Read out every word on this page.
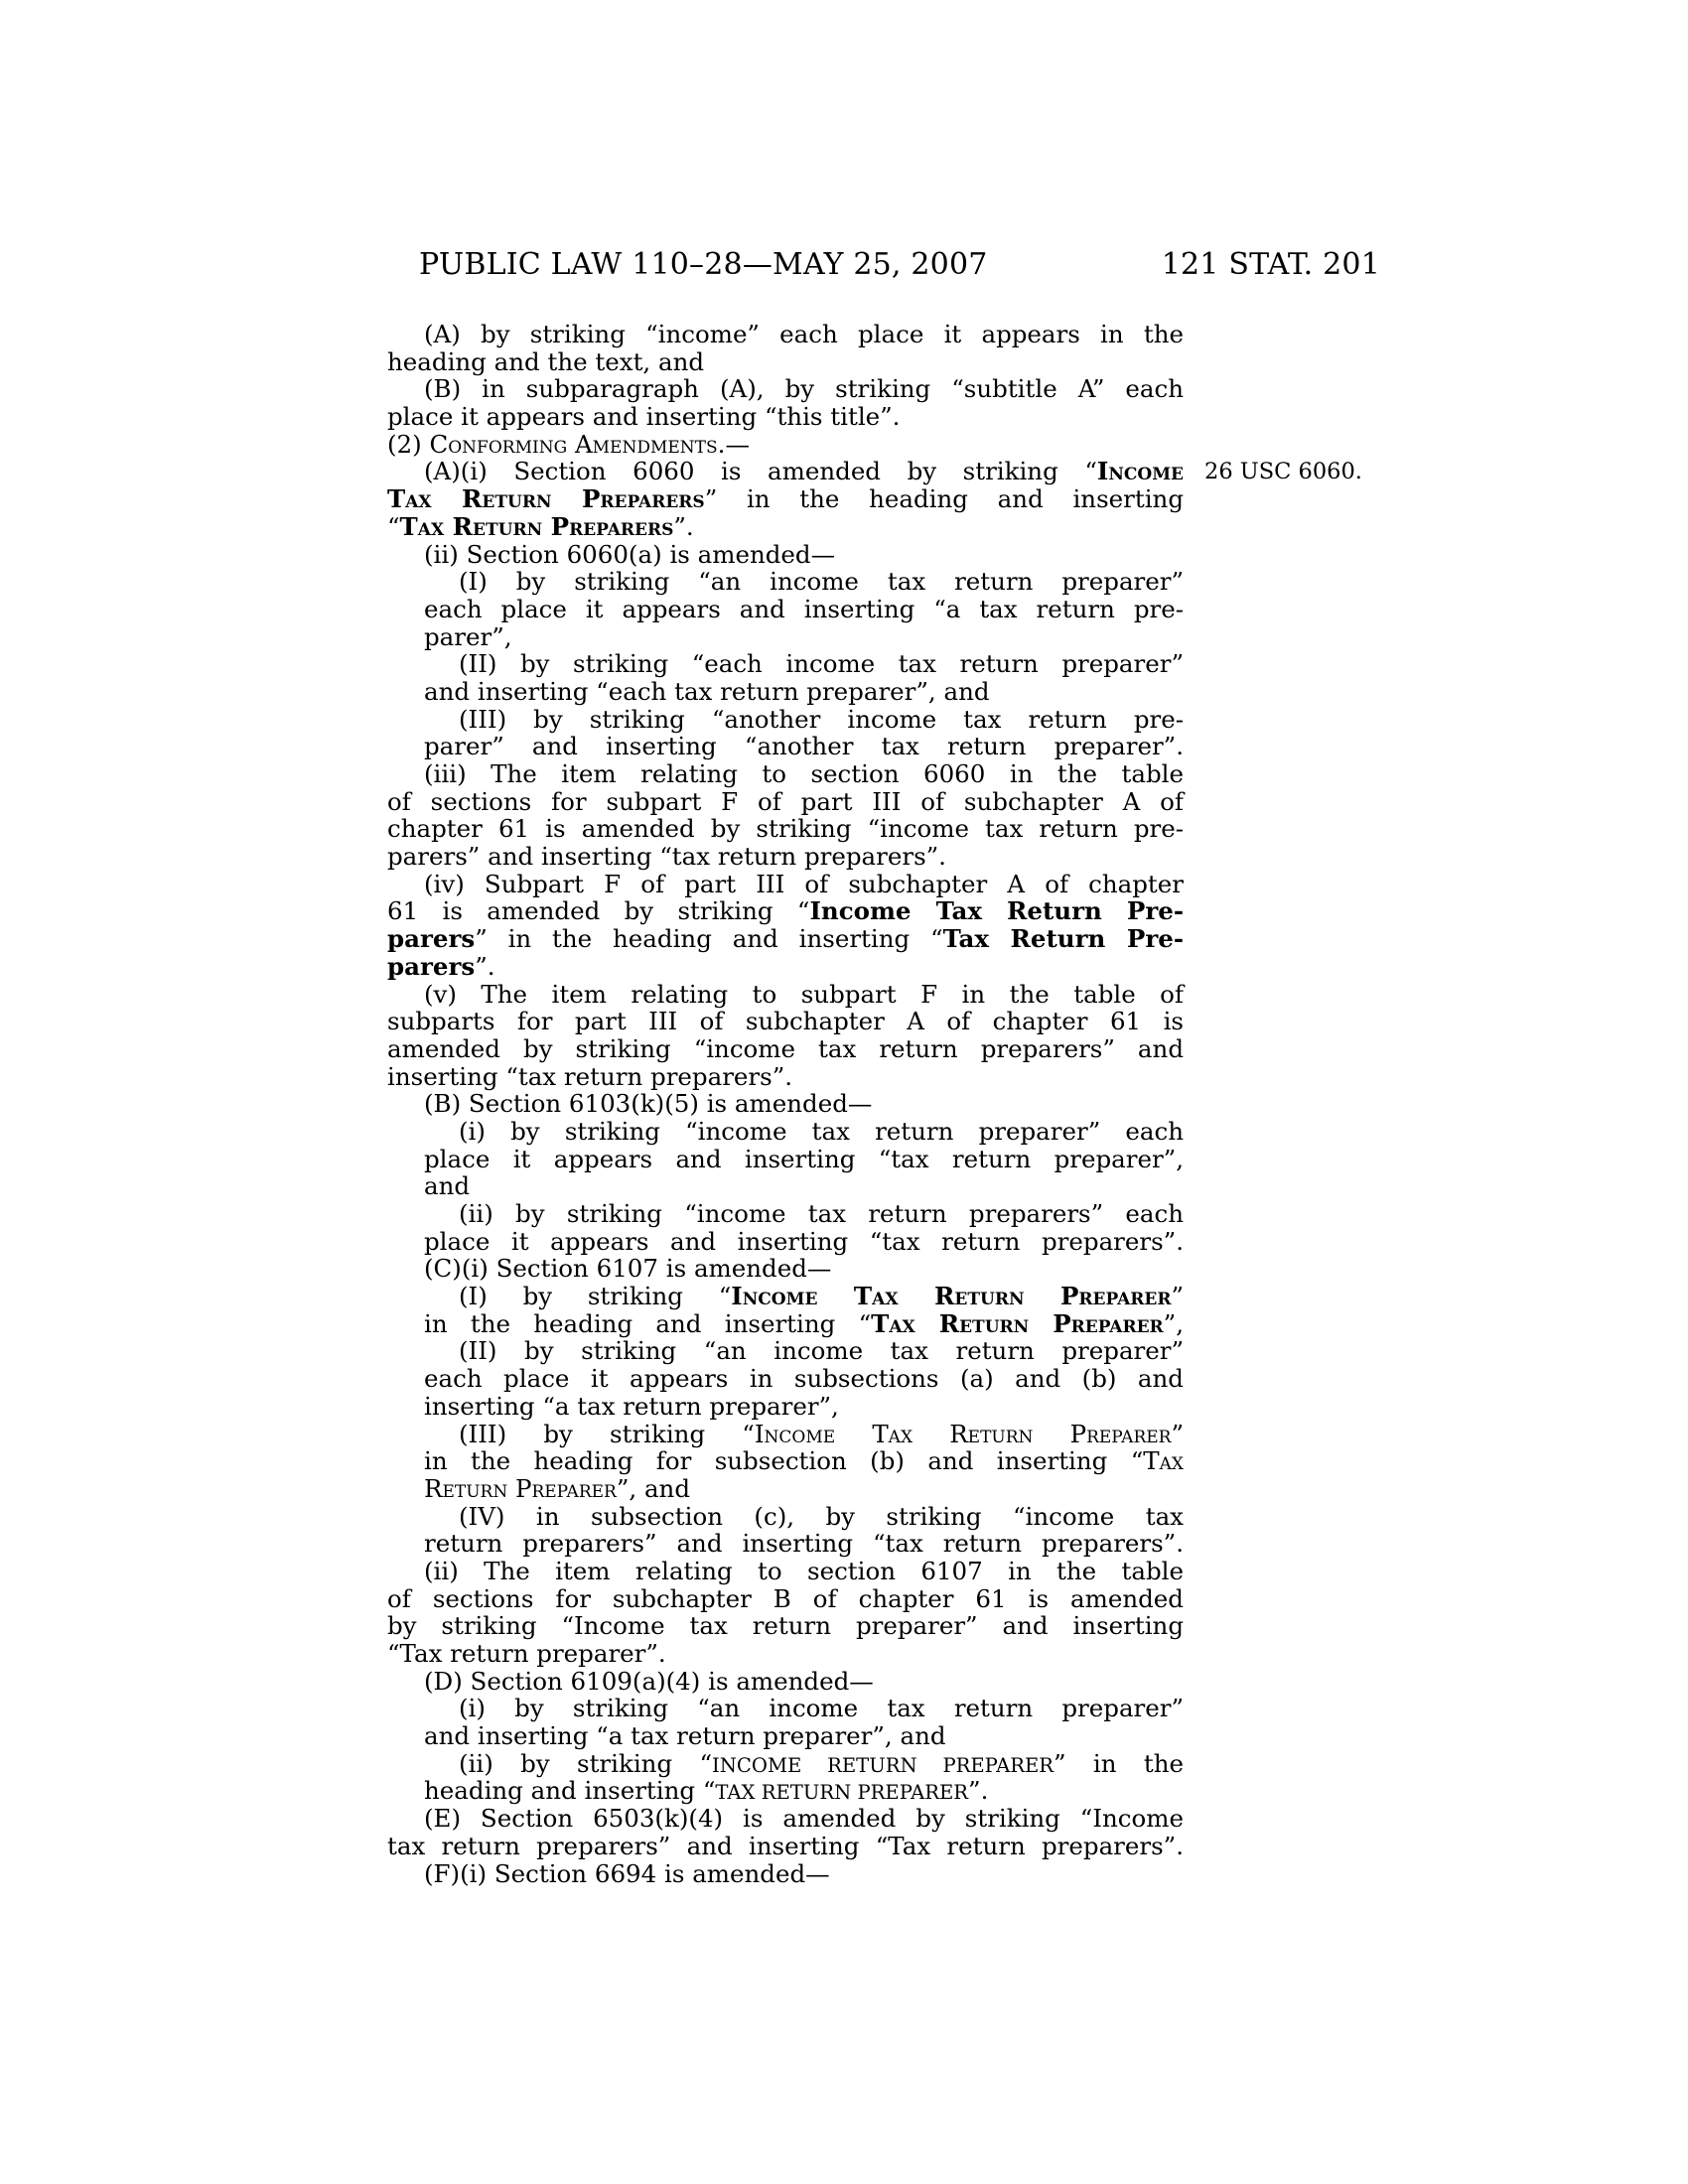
PUBLIC LAW 110–28—MAY 25, 2007	121 STAT. 201
(A) by striking “income” each place it appears in the
heading and the text, and
(B) in subparagraph (A), by striking “subtitle A” each
place it appears and inserting “this title”.
(2) Conforming Amendments.—
(A)(i) Section 6060 is amended by striking “Income
Tax Return Preparers” in the heading and inserting
“Tax Return Preparers”.
(ii) Section 6060(a) is amended—
(I) by striking “an income tax return preparer”
each place it appears and inserting “a tax return pre-
parer”,
(II) by striking “each income tax return preparer”
and inserting “each tax return preparer”, and
(III) by striking “another income tax return pre-
parer” and inserting “another tax return preparer”.
(iii) The item relating to section 6060 in the table
of sections for subpart F of part III of subchapter A of
chapter 61 is amended by striking “income tax return pre-
parers” and inserting “tax return preparers”.
(iv) Subpart F of part III of subchapter A of chapter
61 is amended by striking “Income Tax Return Pre-
parers” in the heading and inserting “Tax Return Pre-
parers”.
(v) The item relating to subpart F in the table of
subparts for part III of subchapter A of chapter 61 is
amended by striking “income tax return preparers” and
inserting “tax return preparers”.
(B) Section 6103(k)(5) is amended—
(i) by striking “income tax return preparer” each
place it appears and inserting “tax return preparer”,
and
(ii) by striking “income tax return preparers” each
place it appears and inserting “tax return preparers”.
(C)(i) Section 6107 is amended—
(I) by striking “Income Tax Return Preparer”
in the heading and inserting “Tax Return Preparer”,
(II) by striking “an income tax return preparer”
each place it appears in subsections (a) and (b) and
inserting “a tax return preparer”,
(III) by striking “Income Tax Return Preparer”
in the heading for subsection (b) and inserting “Tax
Return Preparer”, and
(IV) in subsection (c), by striking “income tax
return preparers” and inserting “tax return preparers”.
(ii) The item relating to section 6107 in the table
of sections for subchapter B of chapter 61 is amended
by striking “Income tax return preparer” and inserting
“Tax return preparer”.
(D) Section 6109(a)(4) is amended—
(i) by striking “an income tax return preparer”
and inserting “a tax return preparer”, and
(ii) by striking “INCOME RETURN PREPARER” in the
heading and inserting “TAX RETURN PREPARER”.
(E) Section 6503(k)(4) is amended by striking “Income
tax return preparers” and inserting “Tax return preparers”.
(F)(i) Section 6694 is amended—
26 USC 6060.
